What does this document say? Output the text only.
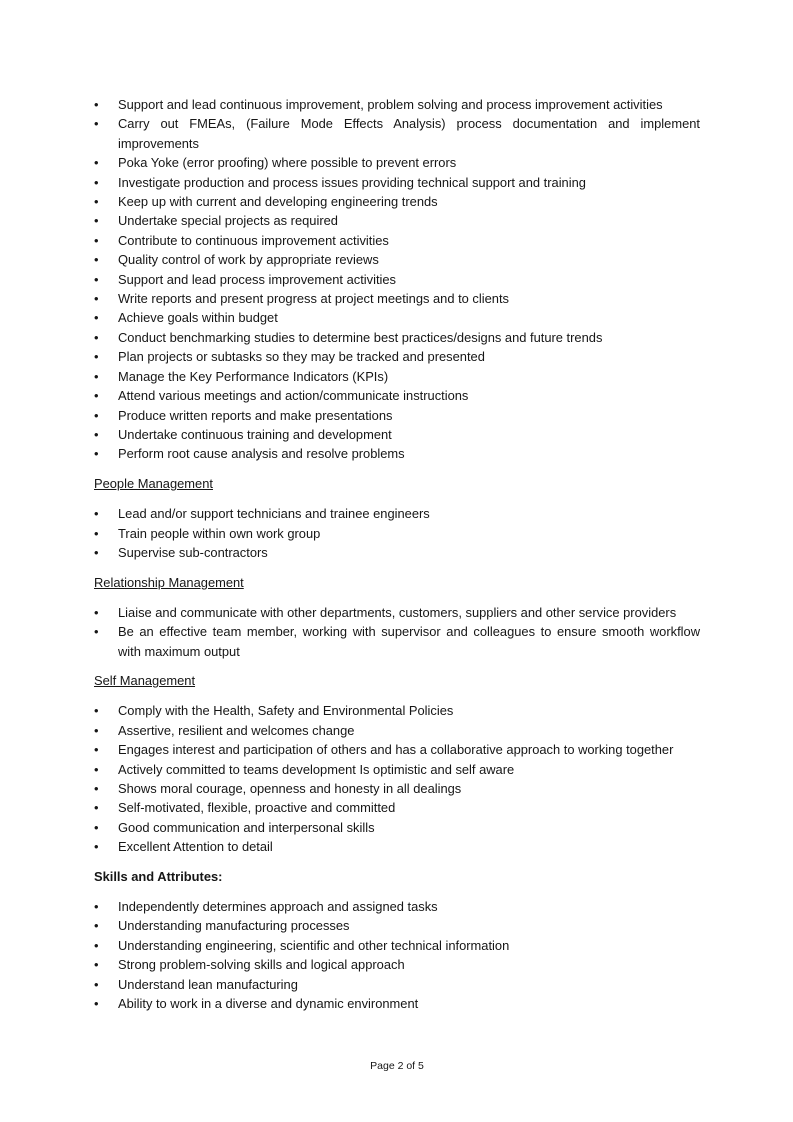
•	Support and lead continuous improvement, problem solving and process improvement activities
•	Carry out FMEAs, (Failure Mode Effects Analysis) process documentation and implement improvements
•	Poka Yoke (error proofing) where possible to prevent errors
•	Investigate production and process issues providing technical support and training
•	Keep up with current and developing engineering trends
•	Undertake special projects as required
•	Contribute to continuous improvement activities
•	Quality control of work by appropriate reviews
•	Support and lead process improvement activities
•	Write reports and present progress at project meetings and to clients
•	Achieve goals within budget
•	Conduct benchmarking studies to determine best practices/designs and future trends
•	Plan projects or subtasks so they may be tracked and presented
•	Manage the Key Performance Indicators (KPIs)
•	Attend various meetings and action/communicate instructions
•	Produce written reports and make presentations
•	Undertake continuous training and development
•	Perform root cause analysis and resolve problems
People Management
•	Lead and/or support technicians and trainee engineers
•	Train people within own work group
•	Supervise sub-contractors
Relationship Management
•	Liaise and communicate with other departments, customers, suppliers and other service providers
•	Be an effective team member, working with supervisor and colleagues to ensure smooth workflow with maximum output
Self Management
•	Comply with the Health, Safety and Environmental Policies
•	Assertive, resilient and welcomes change
•	Engages interest and participation of others and has a collaborative approach to working together
•	Actively committed to teams development Is optimistic and self aware
•	Shows moral courage, openness and honesty in all dealings
•	Self-motivated, flexible, proactive and committed
•	Good communication and interpersonal skills
•	Excellent Attention to detail
Skills and Attributes:
•	Independently determines approach and assigned tasks
•	Understanding manufacturing processes
•	Understanding engineering, scientific and other technical information
•	Strong problem-solving skills and logical approach
•	Understand lean manufacturing
•	Ability to work in a diverse and dynamic environment
Page 2 of 5
